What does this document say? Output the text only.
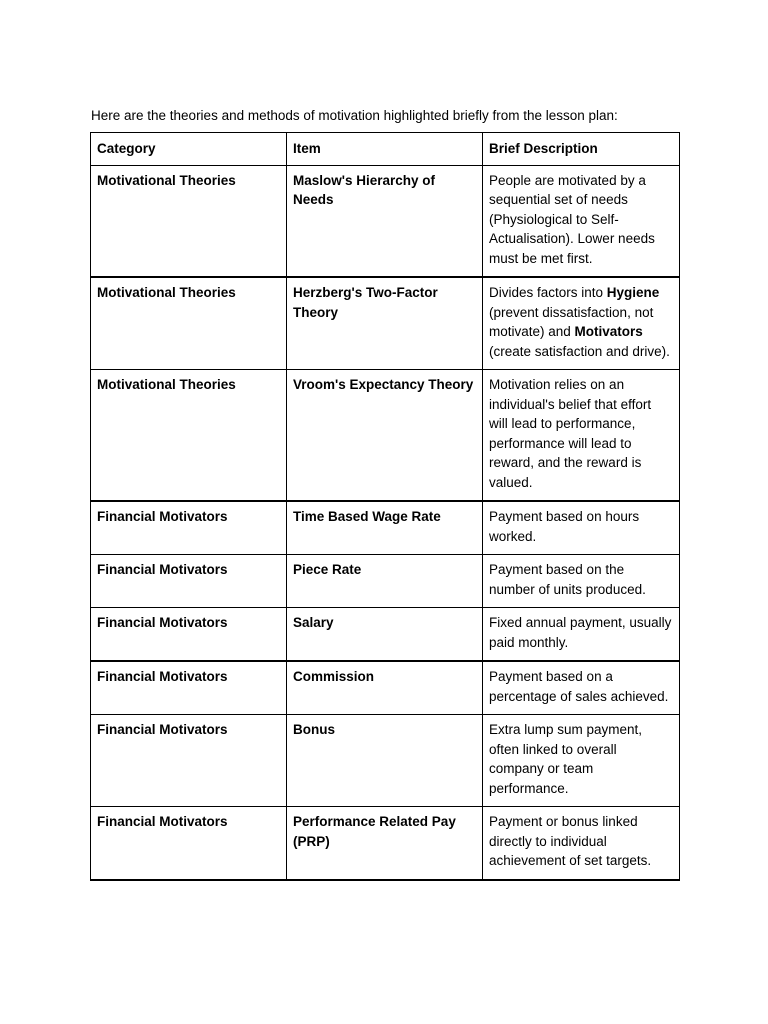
Here are the theories and methods of motivation highlighted briefly from the lesson plan:

Category	Item	Brief Description
Motivational Theories	Maslow's Hierarchy of Needs	People are motivated by a sequential set of needs (Physiological to Self-Actualisation). Lower needs must be met first.
Motivational Theories	Herzberg's Two-Factor Theory	Divides factors into Hygiene (prevent dissatisfaction, not motivate) and Motivators (create satisfaction and drive).
Motivational Theories	Vroom's Expectancy Theory	Motivation relies on an individual's belief that effort will lead to performance, performance will lead to reward, and the reward is valued.
Financial Motivators	Time Based Wage Rate	Payment based on hours worked.
Financial Motivators	Piece Rate	Payment based on the number of units produced.
Financial Motivators	Salary	Fixed annual payment, usually paid monthly.
Financial Motivators	Commission	Payment based on a percentage of sales achieved.
Financial Motivators	Bonus	Extra lump sum payment, often linked to overall company or team performance.
Financial Motivators	Performance Related Pay (PRP)	Payment or bonus linked directly to individual achievement of set targets.
